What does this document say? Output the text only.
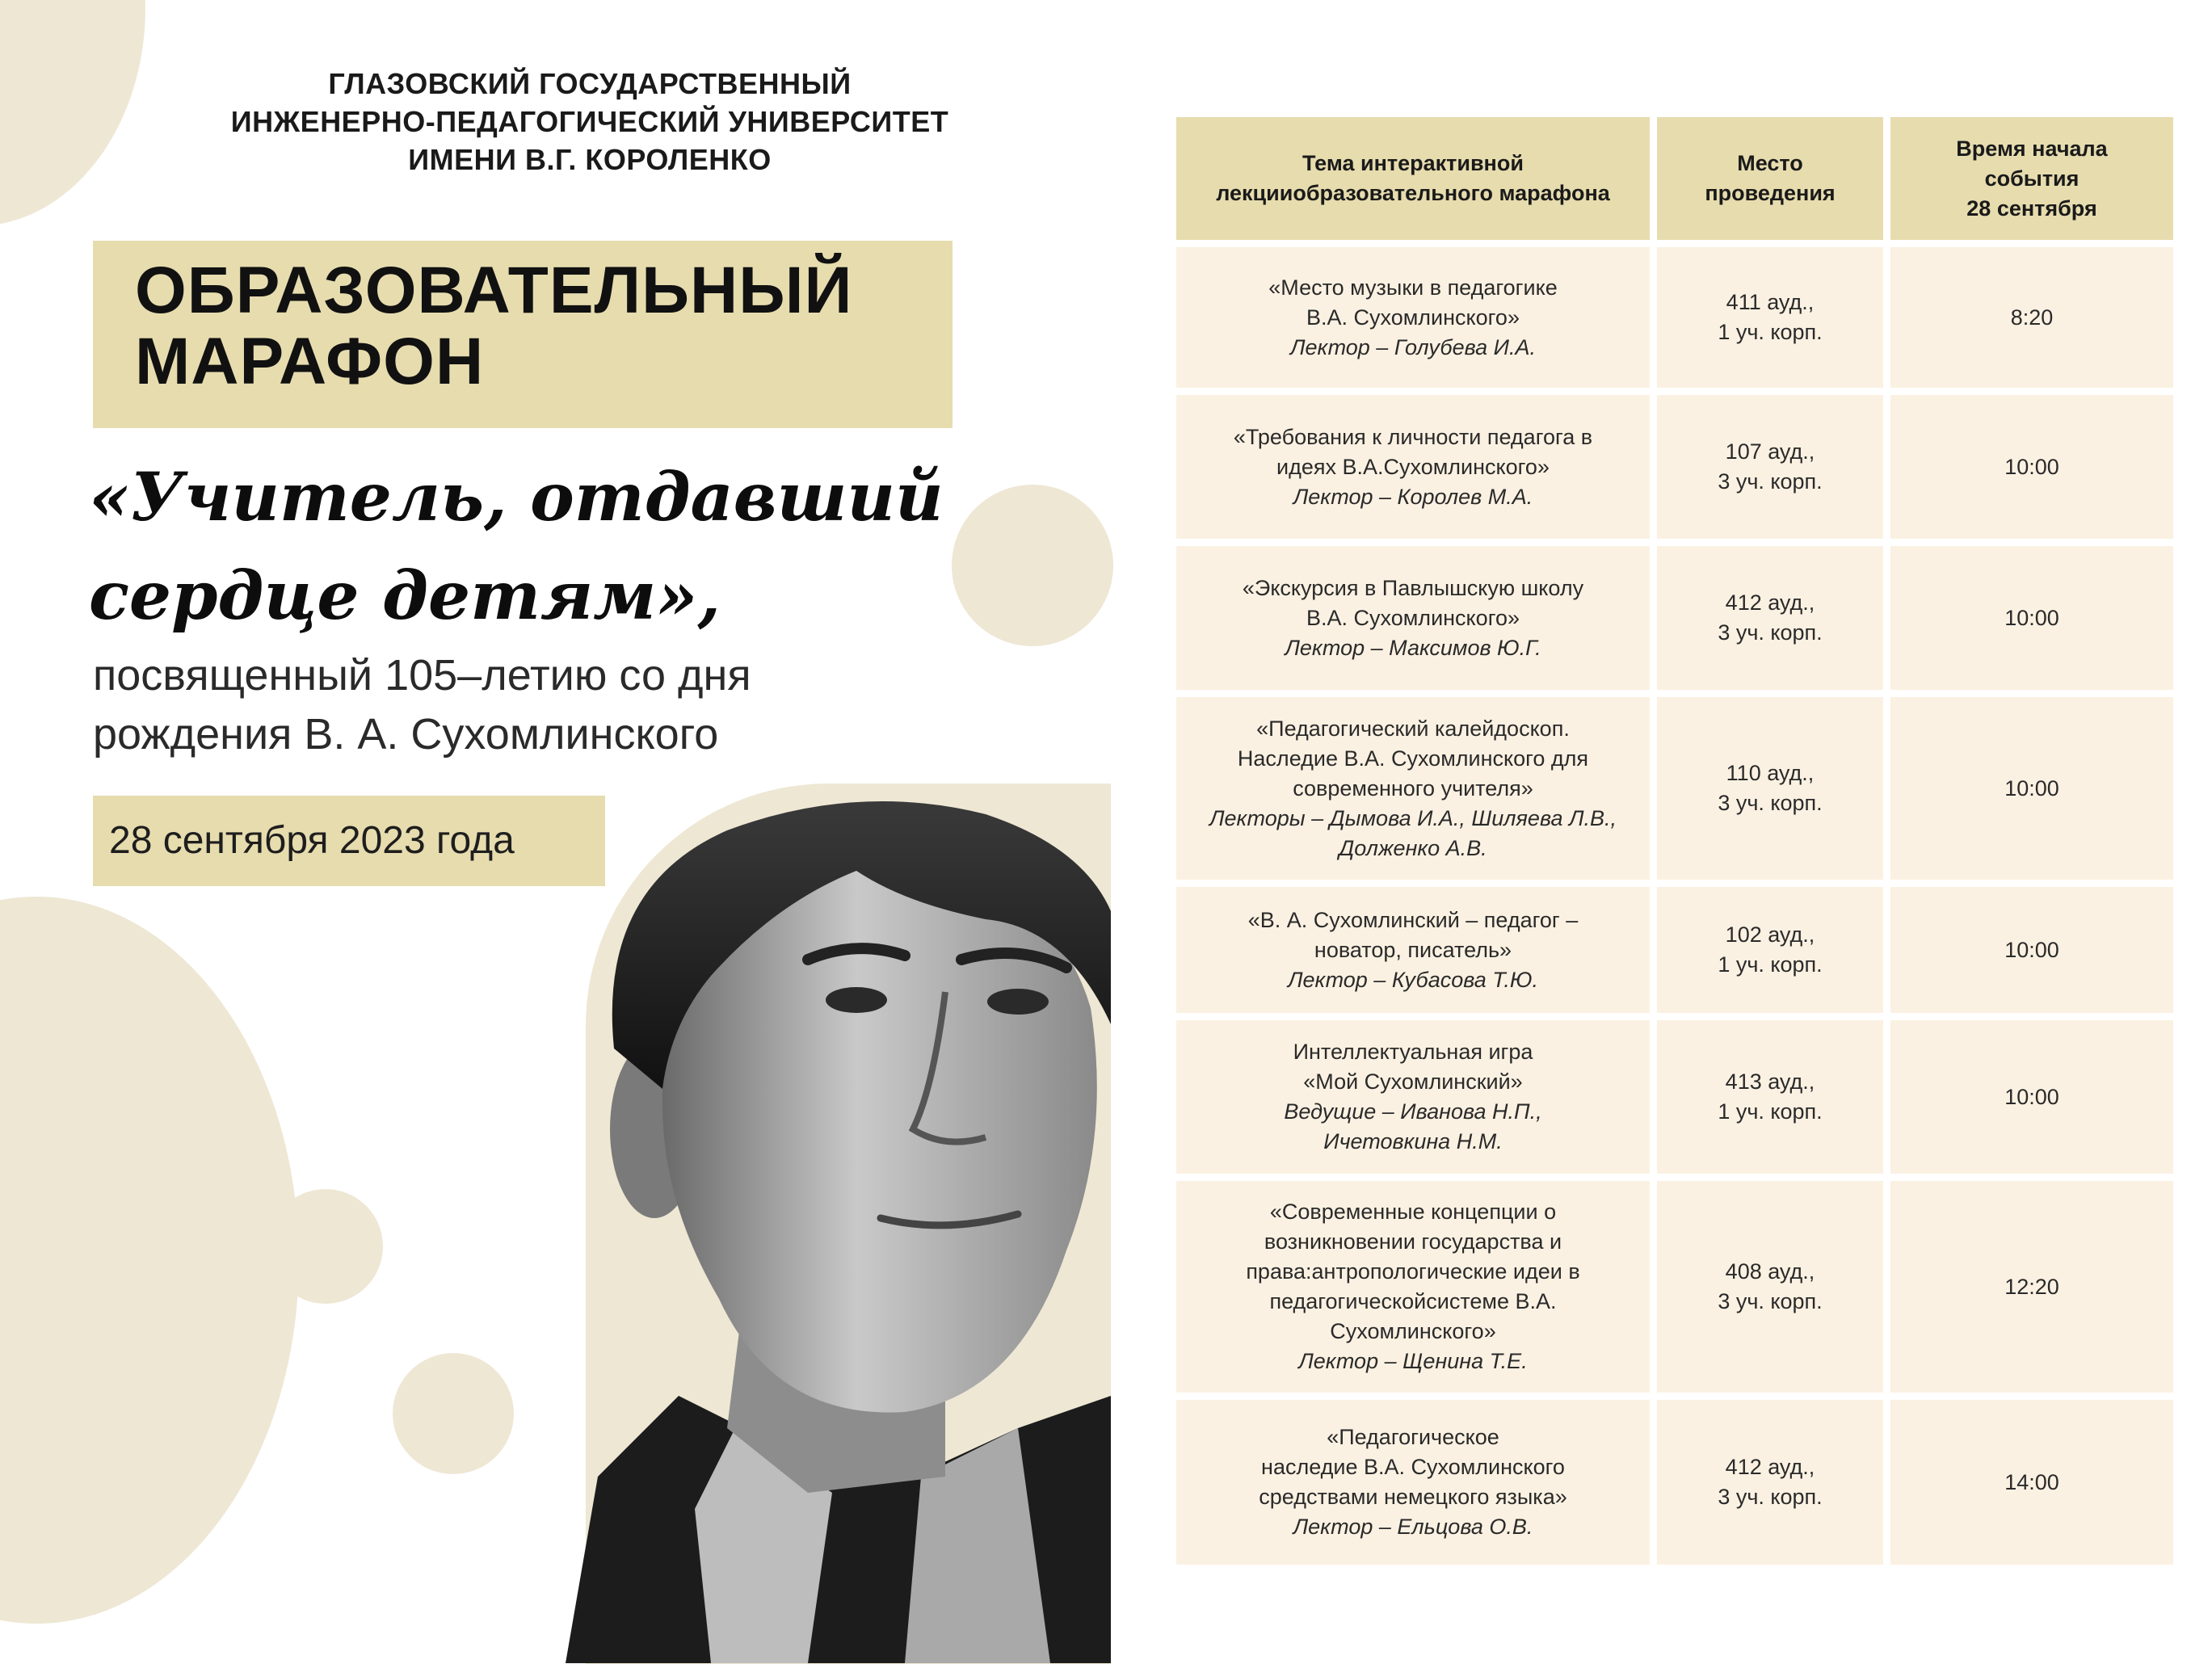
ГЛАЗОВСКИЙ ГОСУДАРСТВЕННЫЙ
ИНЖЕНЕРНО-ПЕДАГОГИЧЕСКИЙ УНИВЕРСИТЕТ
ИМЕНИ В.Г. КОРОЛЕНКО
ОБРАЗОВАТЕЛЬНЫЙ
МАРАФОН
«Учитель, отдавший
сердце детям»,
посвященный 105–летию со дня
рождения В. А. Сухомлинского
28 сентября 2023 года
Тема интерактивной
лекцииобразовательного марафона
Место
проведения
Время начала
события
28 сентября
«Место музыки в педагогике
В.А. Сухомлинского»
Лектор – Голубева И.А.
411 ауд.,
1 уч. корп.
8:20
«Требования к личности педагога в
идеях В.А.Сухомлинского»
Лектор – Королев М.А.
107 ауд.,
3 уч. корп.
10:00
«Экскурсия в Павлышскую школу
В.А. Сухомлинского»
Лектор – Максимов Ю.Г.
412 ауд.,
3 уч. корп.
10:00
«Педагогический калейдоскоп.
Наследие В.А. Сухомлинского для
современного учителя»
Лекторы – Дымова И.А., Шиляева Л.В.,
Долженко А.В.
110 ауд.,
3 уч. корп.
10:00
«В. А. Сухомлинский – педагог –
новатор, писатель»
Лектор – Кубасова Т.Ю.
102 ауд.,
1 уч. корп.
10:00
Интеллектуальная игра
«Мой Сухомлинский»
Ведущие – Иванова Н.П.,
Ичетовкина Н.М.
413 ауд.,
1 уч. корп.
10:00
«Современные концепции о
возникновении государства и
права:антропологические идеи в
педагогическойсистеме В.А.
Сухомлинского»
Лектор – Щенина Т.Е.
408 ауд.,
3 уч. корп.
12:20
«Педагогическое
наследие В.А. Сухомлинского
средствами немецкого языка»
Лектор – Ельцова О.В.
412 ауд.,
3 уч. корп.
14:00
